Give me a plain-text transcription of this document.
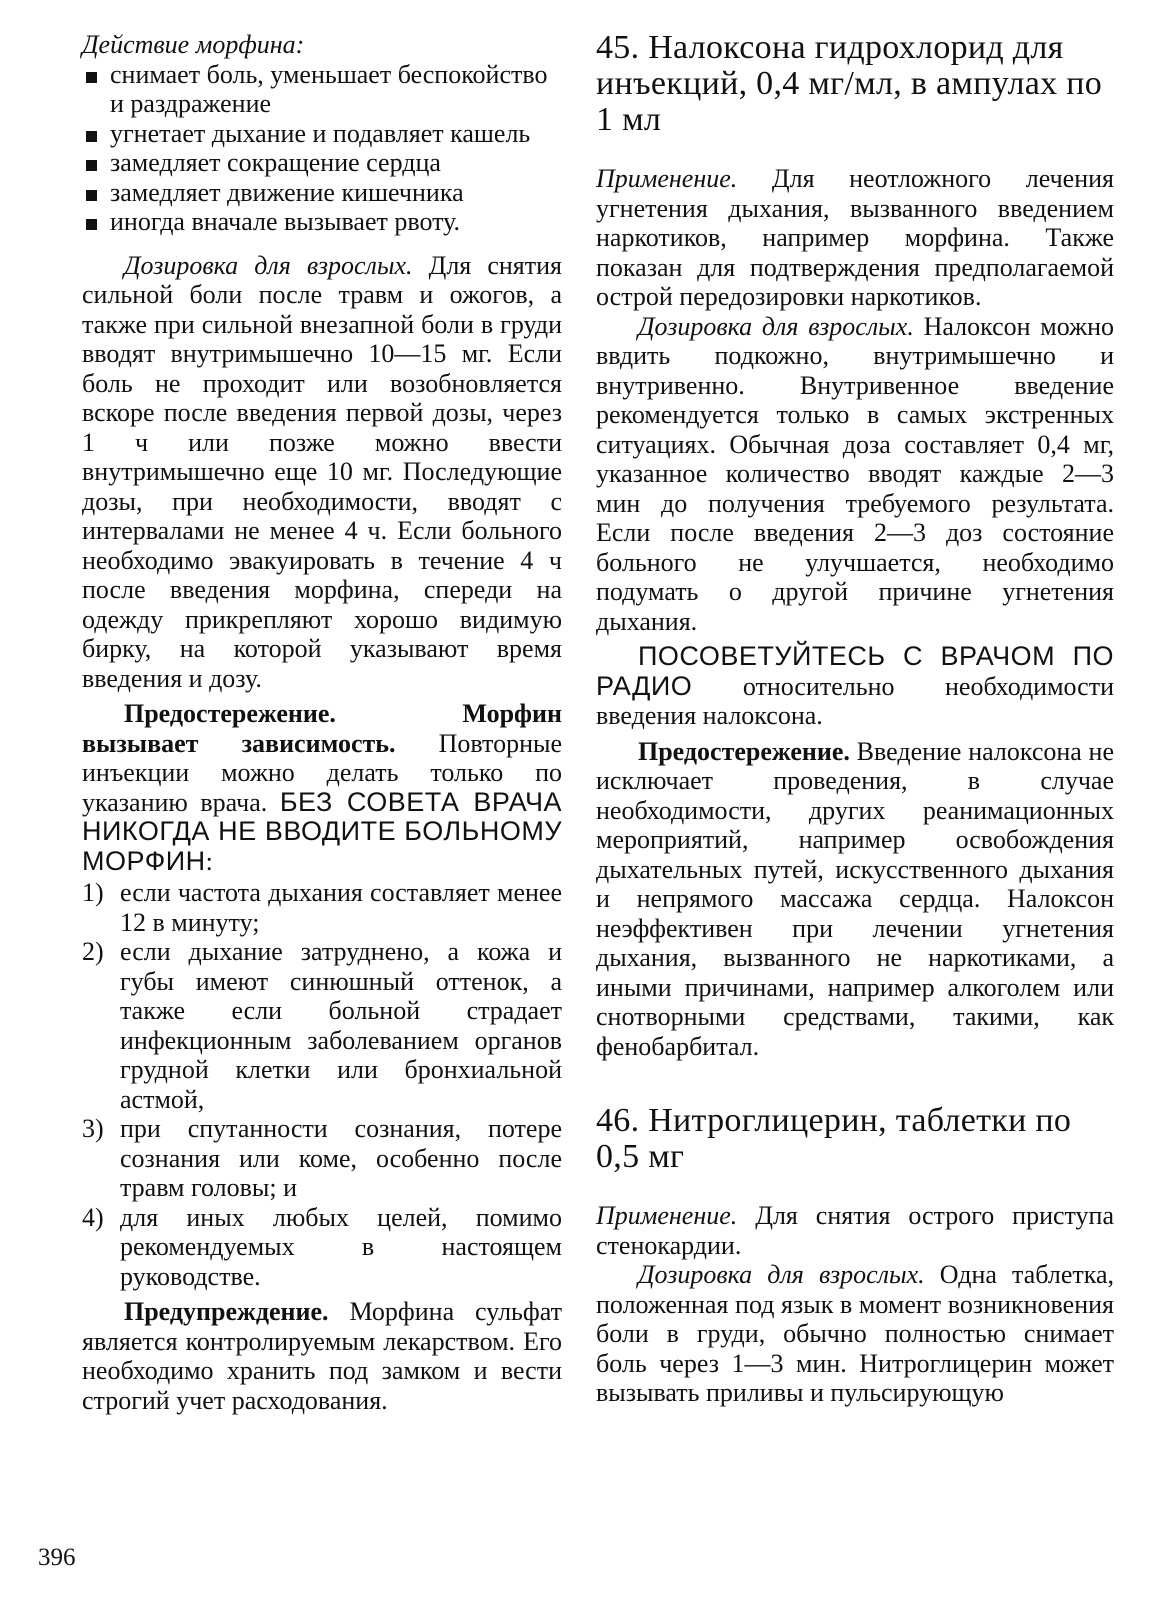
Действие морфина:

снимает боль, уменьшает беспокойство и раздражение
угнетает дыхание и подавляет кашель
замедляет сокращение сердца
замедляет движение кишечника
иногда вначале вызывает рвоту.

Дозировка для взрослых. Для снятия сильной боли после травм и ожогов, а также при сильной внезапной боли в груди вводят внутримышечно 10—15 мг. Если боль не проходит или возобновляется вскоре после введения первой дозы, через 1 ч или позже можно ввести внутримышечно еще 10 мг. Последующие дозы, при необходимости, вводят с интервалами не менее 4 ч. Если больного необходимо эвакуировать в течение 4 ч после введения морфина, спереди на одежду прикрепляют хорошо видимую бирку, на которой указывают время введения и дозу.

Предостережение. Морфин вызывает зависимость. Повторные инъекции можно делать только по указанию врача. БЕЗ СОВЕТА ВРАЧА НИКОГДА НЕ ВВОДИТЕ БОЛЬНОМУ МОРФИН:

1) если частота дыхания составляет менее 12 в минуту;
2) если дыхание затруднено, а кожа и губы имеют синюшный оттенок, а также если больной страдает инфекционным заболеванием органов грудной клетки или бронхиальной астмой,
3) при спутанности сознания, потере сознания или коме, особенно после травм головы; и
4) для иных любых целей, помимо рекомендуемых в настоящем руководстве.

Предупреждение. Морфина сульфат является контролируемым лекарством. Его необходимо хранить под замком и вести строгий учет расходования.

45. Налоксона гидрохлорид для инъекций, 0,4 мг/мл, в ампулах по 1 мл

Применение. Для неотложного лечения угнетения дыхания, вызванного введением наркотиков, например морфина. Также показан для подтверждения предполагаемой острой передозировки наркотиков.

Дозировка для взрослых. Налоксон можно ввдить подкожно, внутримышечно и внутривенно. Внутривенное введение рекомендуется только в самых экстренных ситуациях. Обычная доза составляет 0,4 мг, указанное количество вводят каждые 2—3 мин до получения требуемого результата. Если после введения 2—3 доз состояние больного не улучшается, необходимо подумать о другой причине угнетения дыхания.

ПОСОВЕТУЙТЕСЬ С ВРАЧОМ ПО РАДИО относительно необходимости введения налоксона.

Предостережение. Введение налоксона не исключает проведения, в случае необходимости, других реанимационных мероприятий, например освобождения дыхательных путей, искусственного дыхания и непрямого массажа сердца. Налоксон неэффективен при лечении угнетения дыхания, вызванного не наркотиками, а иными причинами, например алкоголем или снотворными средствами, такими, как фенобарбитал.

46. Нитроглицерин, таблетки по 0,5 мг

Применение. Для снятия острого приступа стенокардии.

Дозировка для взрослых. Одна таблетка, положенная под язык в момент возникновения боли в груди, обычно полностью снимает боль через 1—3 мин. Нитроглицерин может вызывать приливы и пульсирующую

396
